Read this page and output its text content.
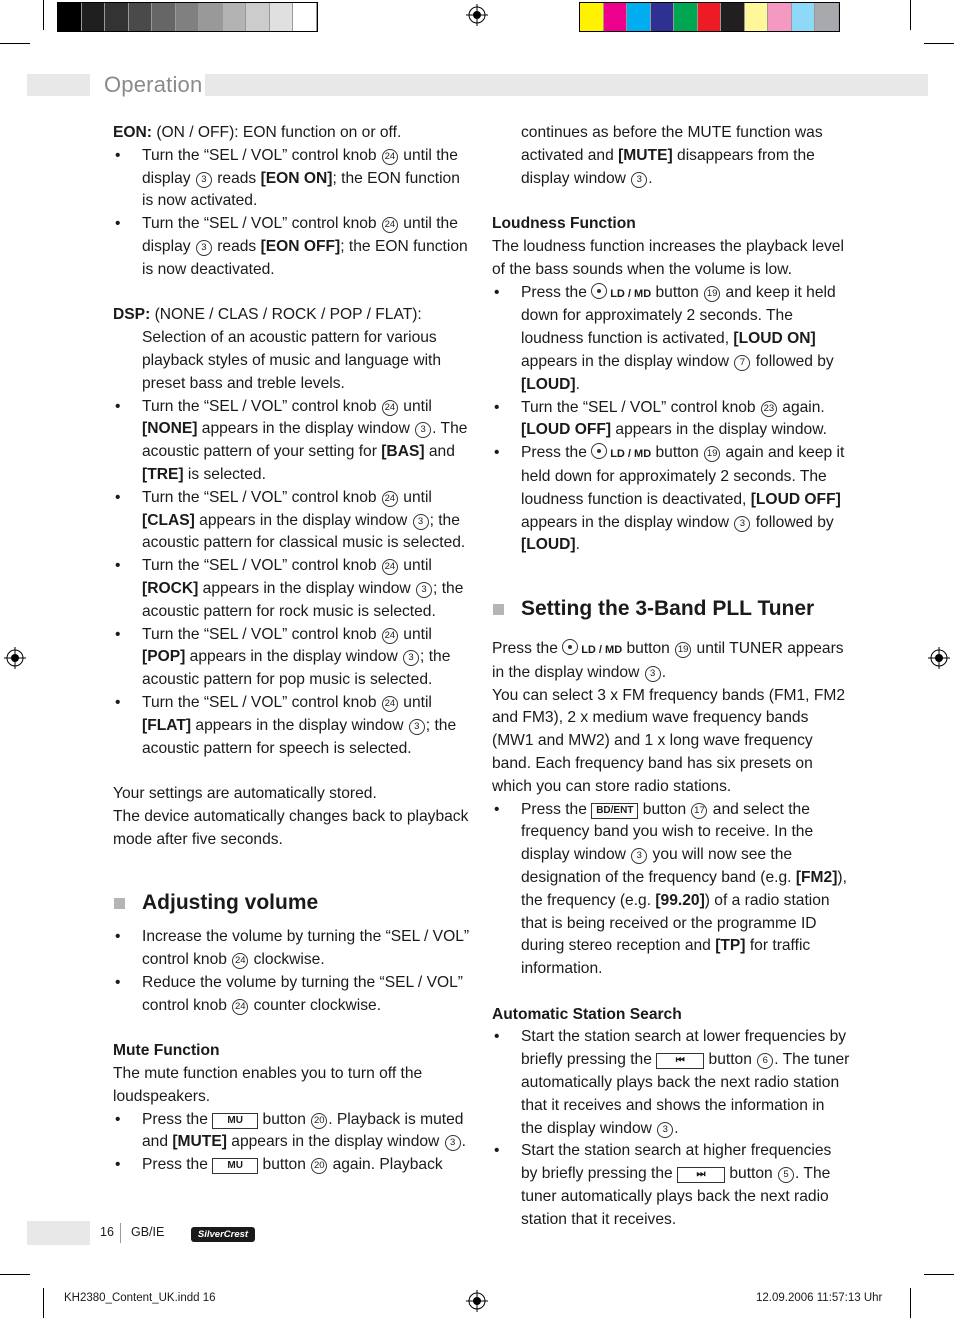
Operation

EON: (ON / OFF): EON function on or off.

• Turn the “SEL / VOL” control knob 24 until the display 3 reads [EON ON]; the EON function is now activated.

• Turn the “SEL / VOL” control knob 24 until the display 3 reads [EON OFF]; the EON function is now deactivated.

DSP: (NONE / CLAS / ROCK / POP / FLAT):

Selection of an acoustic pattern for various playback styles of music and language with preset bass and treble levels.

• Turn the “SEL / VOL” control knob 24 until [NONE] appears in the display window 3 . The acoustic pattern of your setting for [BAS] and [TRE] is selected.

• Turn the “SEL / VOL” control knob 24 until [CLAS] appears in the display window 3 ; the acoustic pattern for classical music is selected.

• Turn the “SEL / VOL” control knob 24 until [ROCK] appears in the display window 3 ; the acoustic pattern for rock music is selected.

• Turn the “SEL / VOL” control knob 24 until [POP] appears in the display window 3 ; the acoustic pattern for pop music is selected.

• Turn the “SEL / VOL” control knob 24 until [FLAT] appears in the display window 3 ; the acoustic pattern for speech is selected.

Your settings are automatically stored.

The device automatically changes back to playback mode after five seconds.

Adjusting volume

• Increase the volume by turning the “SEL / VOL” control knob 24 clockwise.

• Reduce the volume by turning the “SEL / VOL” control knob 24 counter clockwise.

Mute Function

The mute function enables you to turn off the loudspeakers.

• Press the MU button 20 . Playback is muted and [MUTE] appears in the display window 3 .

• Press the MU button 20 again. Playback

continues as before the MUTE function was activated and [MUTE] disappears from the display window 3 .

Loudness Function

The loudness function increases the playback level of the bass sounds when the volume is low.

• Press the LD / MD button 19 and keep it held down for approximately 2 seconds. The loudness function is activated, [LOUD ON] appears in the display window 7 followed by [LOUD].

• Turn the “SEL / VOL” control knob 23 again. [LOUD OFF] appears in the display window.

• Press the LD / MD button 19 again and keep it held down for approximately 2 seconds. The loudness function is deactivated, [LOUD OFF] appears in the display window 3 followed by [LOUD].

Setting the 3-Band PLL Tuner

Press the LD / MD button 19 until TUNER appears in the display window 3 .

You can select 3 x FM frequency bands (FM1, FM2 and FM3), 2 x medium wave frequency bands (MW1 and MW2) and 1 x long wave frequency band. Each frequency band has six presets on which you can store radio stations.

• Press the BD/ENT button 17 and select the frequency band you wish to receive. In the display window 3 you will now see the designation of the frequency band (e.g. [FM2]), the frequency (e.g. [99.20]) of a radio station that is being received or the programme ID during stereo reception and [TP] for traffic information.

Automatic Station Search

• Start the station search at lower frequencies by briefly pressing the ⏮ button 6 . The tuner automatically plays back the next radio station that it receives and shows the information in the display window 3 .

• Start the station search at higher frequencies by briefly pressing the ⏭ button 5 . The tuner automatically plays back the next radio station that it receives.

16 GB/IE	SilverCrest
KH2380_Content_UK.indd 16	12.09.2006 11:57:13 Uhr
